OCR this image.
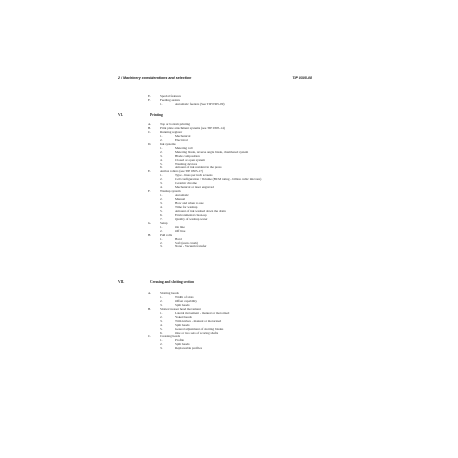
2 / Machinery considerations and selection	TIP 0305-08
E.	Special features
F.	Feeding assists
1.	Automatic feeders (See TIP 0305-09)
VI.	Printing
A.	Top or bottom printing
B.	Print plate attachment systems (see TIP 0305-14)
C.	Running register
1.	Mechanical
2.	Electrical
D.	Ink systems
1.	Metering roll
2.	Metering blade, reverse angle blade, chambered system
3.	Blade composition
4.	Closed or open system
5.	Washing devices
6.	Amount of ink resident in the press
E.	Anilox rollers (see TIP 0305-17)
1.	Type - lines per inch screens
2.	Cell configuration / Volume (BCM rating - billion cubic microns)
3.	Ceramic chrome
4.	Mechanical or laser engraved
F.	Washup system
1.	Automatic
2.	Manual
3.	How and when to use
4.	Time for washup
5.	Amount of ink washed down the drain
6.	Environmental clean-up
7.	Quality of washup water
G.	Setup
1.	On line
2.	Off line
H.	Pull rolls
1.	Hard
2.	Soft (urets crush)
3.	None - Vacuum transfer
VII.	Creasing and slotting section
A.	Slotting heads
1.	Width of slots
2.	Offset capability
3.	Split heads
B.	Slotter/creaser head movement
1.	Lateral movement - manual or motorized
2.	Yoked heads
3.	Trim knives - manual or motorized
4.	Split heads
5.	Geared adjustment of slotting blades
6.	One or two sets of scoring shafts
C.	Creasing heads
1.	Profile
2.	Split heads
3.	Replaceable profiles
